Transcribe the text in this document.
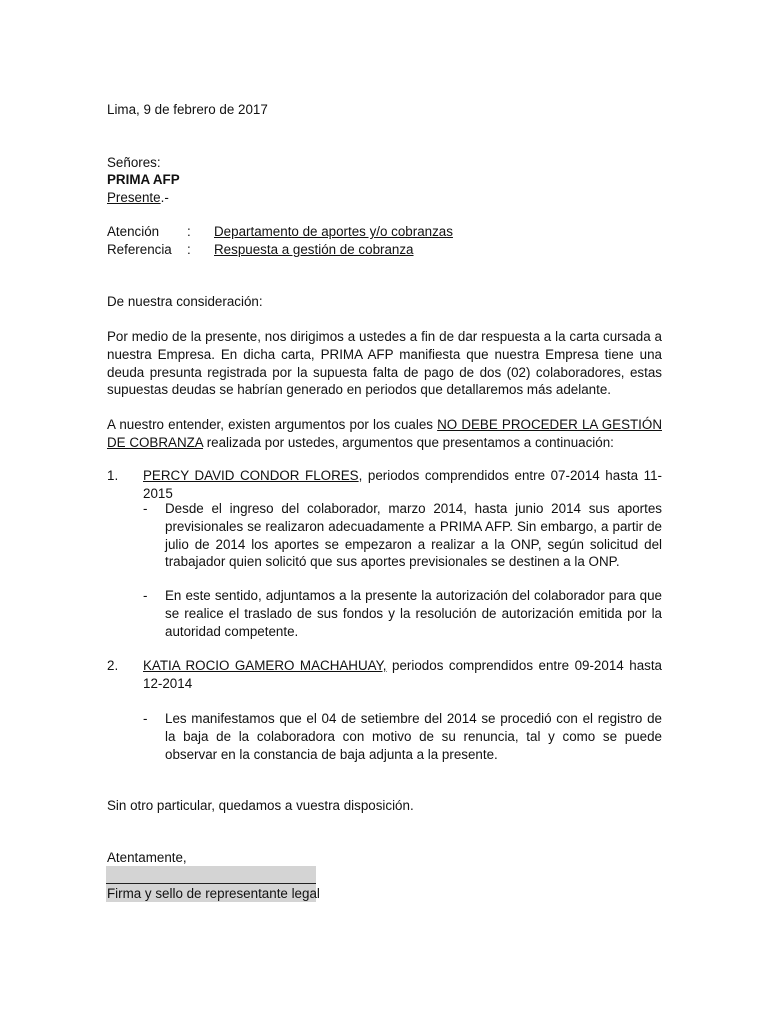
Lima, 9 de febrero de 2017
Señores:
PRIMA AFP
Presente.-
Atención : Departamento de aportes y/o cobranzas
Referencia : Respuesta a gestión de cobranza
De nuestra consideración:
Por medio de la presente, nos dirigimos a ustedes a fin de dar respuesta a la carta cursada a nuestra Empresa. En dicha carta, PRIMA AFP manifiesta que nuestra Empresa tiene una deuda presunta registrada por la supuesta falta de pago de dos (02) colaboradores, estas supuestas deudas se habrían generado en periodos que detallaremos más adelante.
A nuestro entender, existen argumentos por los cuales NO DEBE PROCEDER LA GESTIÓN DE COBRANZA realizada por ustedes, argumentos que presentamos a continuación:
1. PERCY DAVID CONDOR FLORES, periodos comprendidos entre 07-2014 hasta 11-2015
- Desde el ingreso del colaborador, marzo 2014, hasta junio 2014 sus aportes previsionales se realizaron adecuadamente a PRIMA AFP. Sin embargo, a partir de julio de 2014 los aportes se empezaron a realizar a la ONP, según solicitud del trabajador quien solicitó que sus aportes previsionales se destinen a la ONP.
- En este sentido, adjuntamos a la presente la autorización del colaborador para que se realice el traslado de sus fondos y la resolución de autorización emitida por la autoridad competente.
2. KATIA ROCIO GAMERO MACHAHUAY, periodos comprendidos entre 09-2014 hasta 12-2014
- Les manifestamos que el 04 de setiembre del 2014 se procedió con el registro de la baja de la colaboradora con motivo de su renuncia, tal y como se puede observar en la constancia de baja adjunta a la presente.
Sin otro particular, quedamos a vuestra disposición.
Atentamente,
Firma y sello de representante legal
